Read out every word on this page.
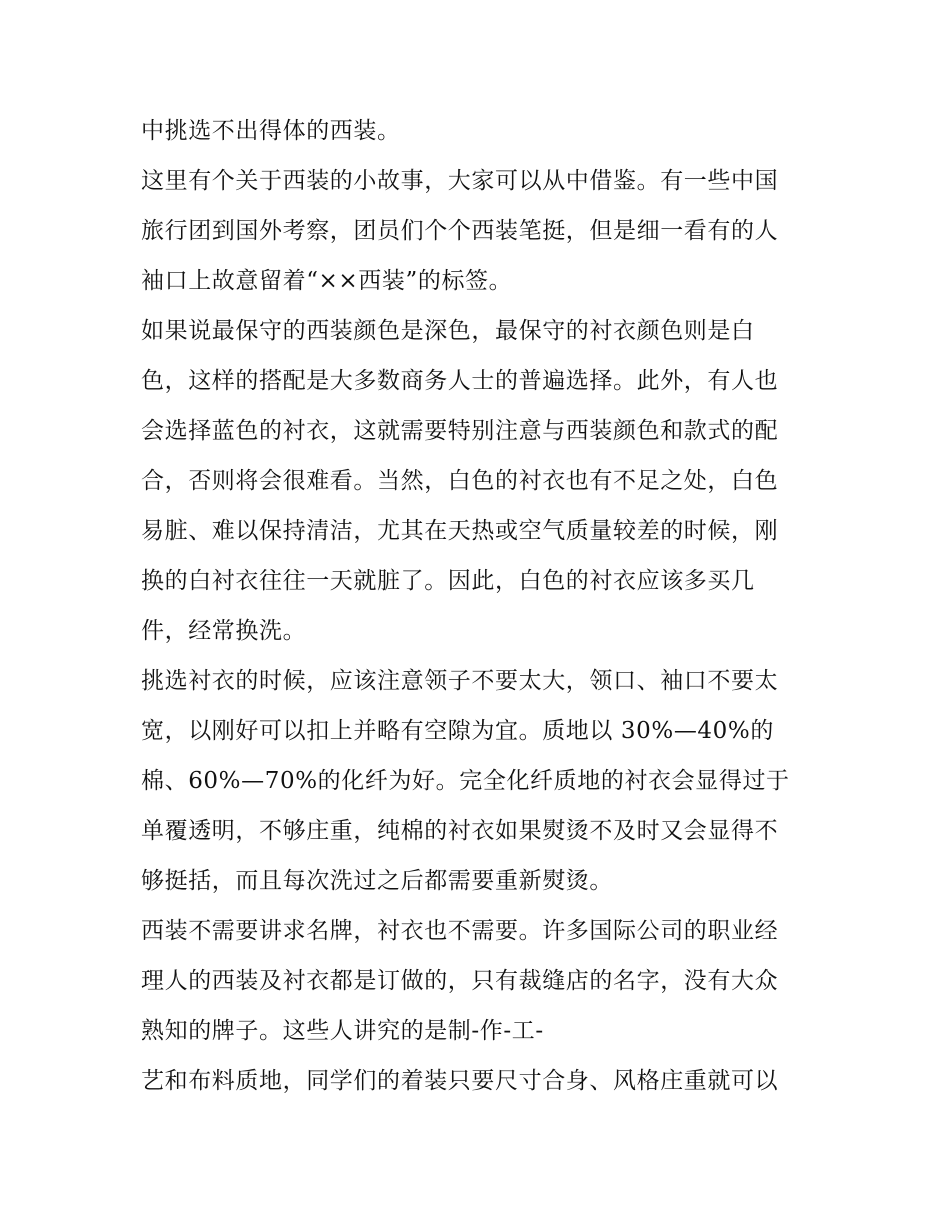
中挑选不出得体的西装。
这里有个关于西装的小故事，大家可以从中借鉴。有一些中国
旅行团到国外考察，团员们个个西装笔挺，但是细一看有的人
袖口上故意留着“××西装”的标签。
如果说最保守的西装颜色是深色，最保守的衬衣颜色则是白
色，这样的搭配是大多数商务人士的普遍选择。此外，有人也
会选择蓝色的衬衣，这就需要特别注意与西装颜色和款式的配
合，否则将会很难看。当然，白色的衬衣也有不足之处，白色
易脏、难以保持清洁，尤其在天热或空气质量较差的时候，刚
换的白衬衣往往一天就脏了。因此，白色的衬衣应该多买几
件，经常换洗。
挑选衬衣的时候，应该注意领子不要太大，领口、袖口不要太
宽，以刚好可以扣上并略有空隙为宜。质地以 30%—40%的
棉、60%—70%的化纤为好。完全化纤质地的衬衣会显得过于
单覆透明，不够庄重，纯棉的衬衣如果熨烫不及时又会显得不
够挺括，而且每次洗过之后都需要重新熨烫。
西装不需要讲求名牌，衬衣也不需要。许多国际公司的职业经
理人的西装及衬衣都是订做的，只有裁缝店的名字，没有大众
熟知的牌子。这些人讲究的是制-作-工-
艺和布料质地，同学们的着装只要尺寸合身、风格庄重就可以
